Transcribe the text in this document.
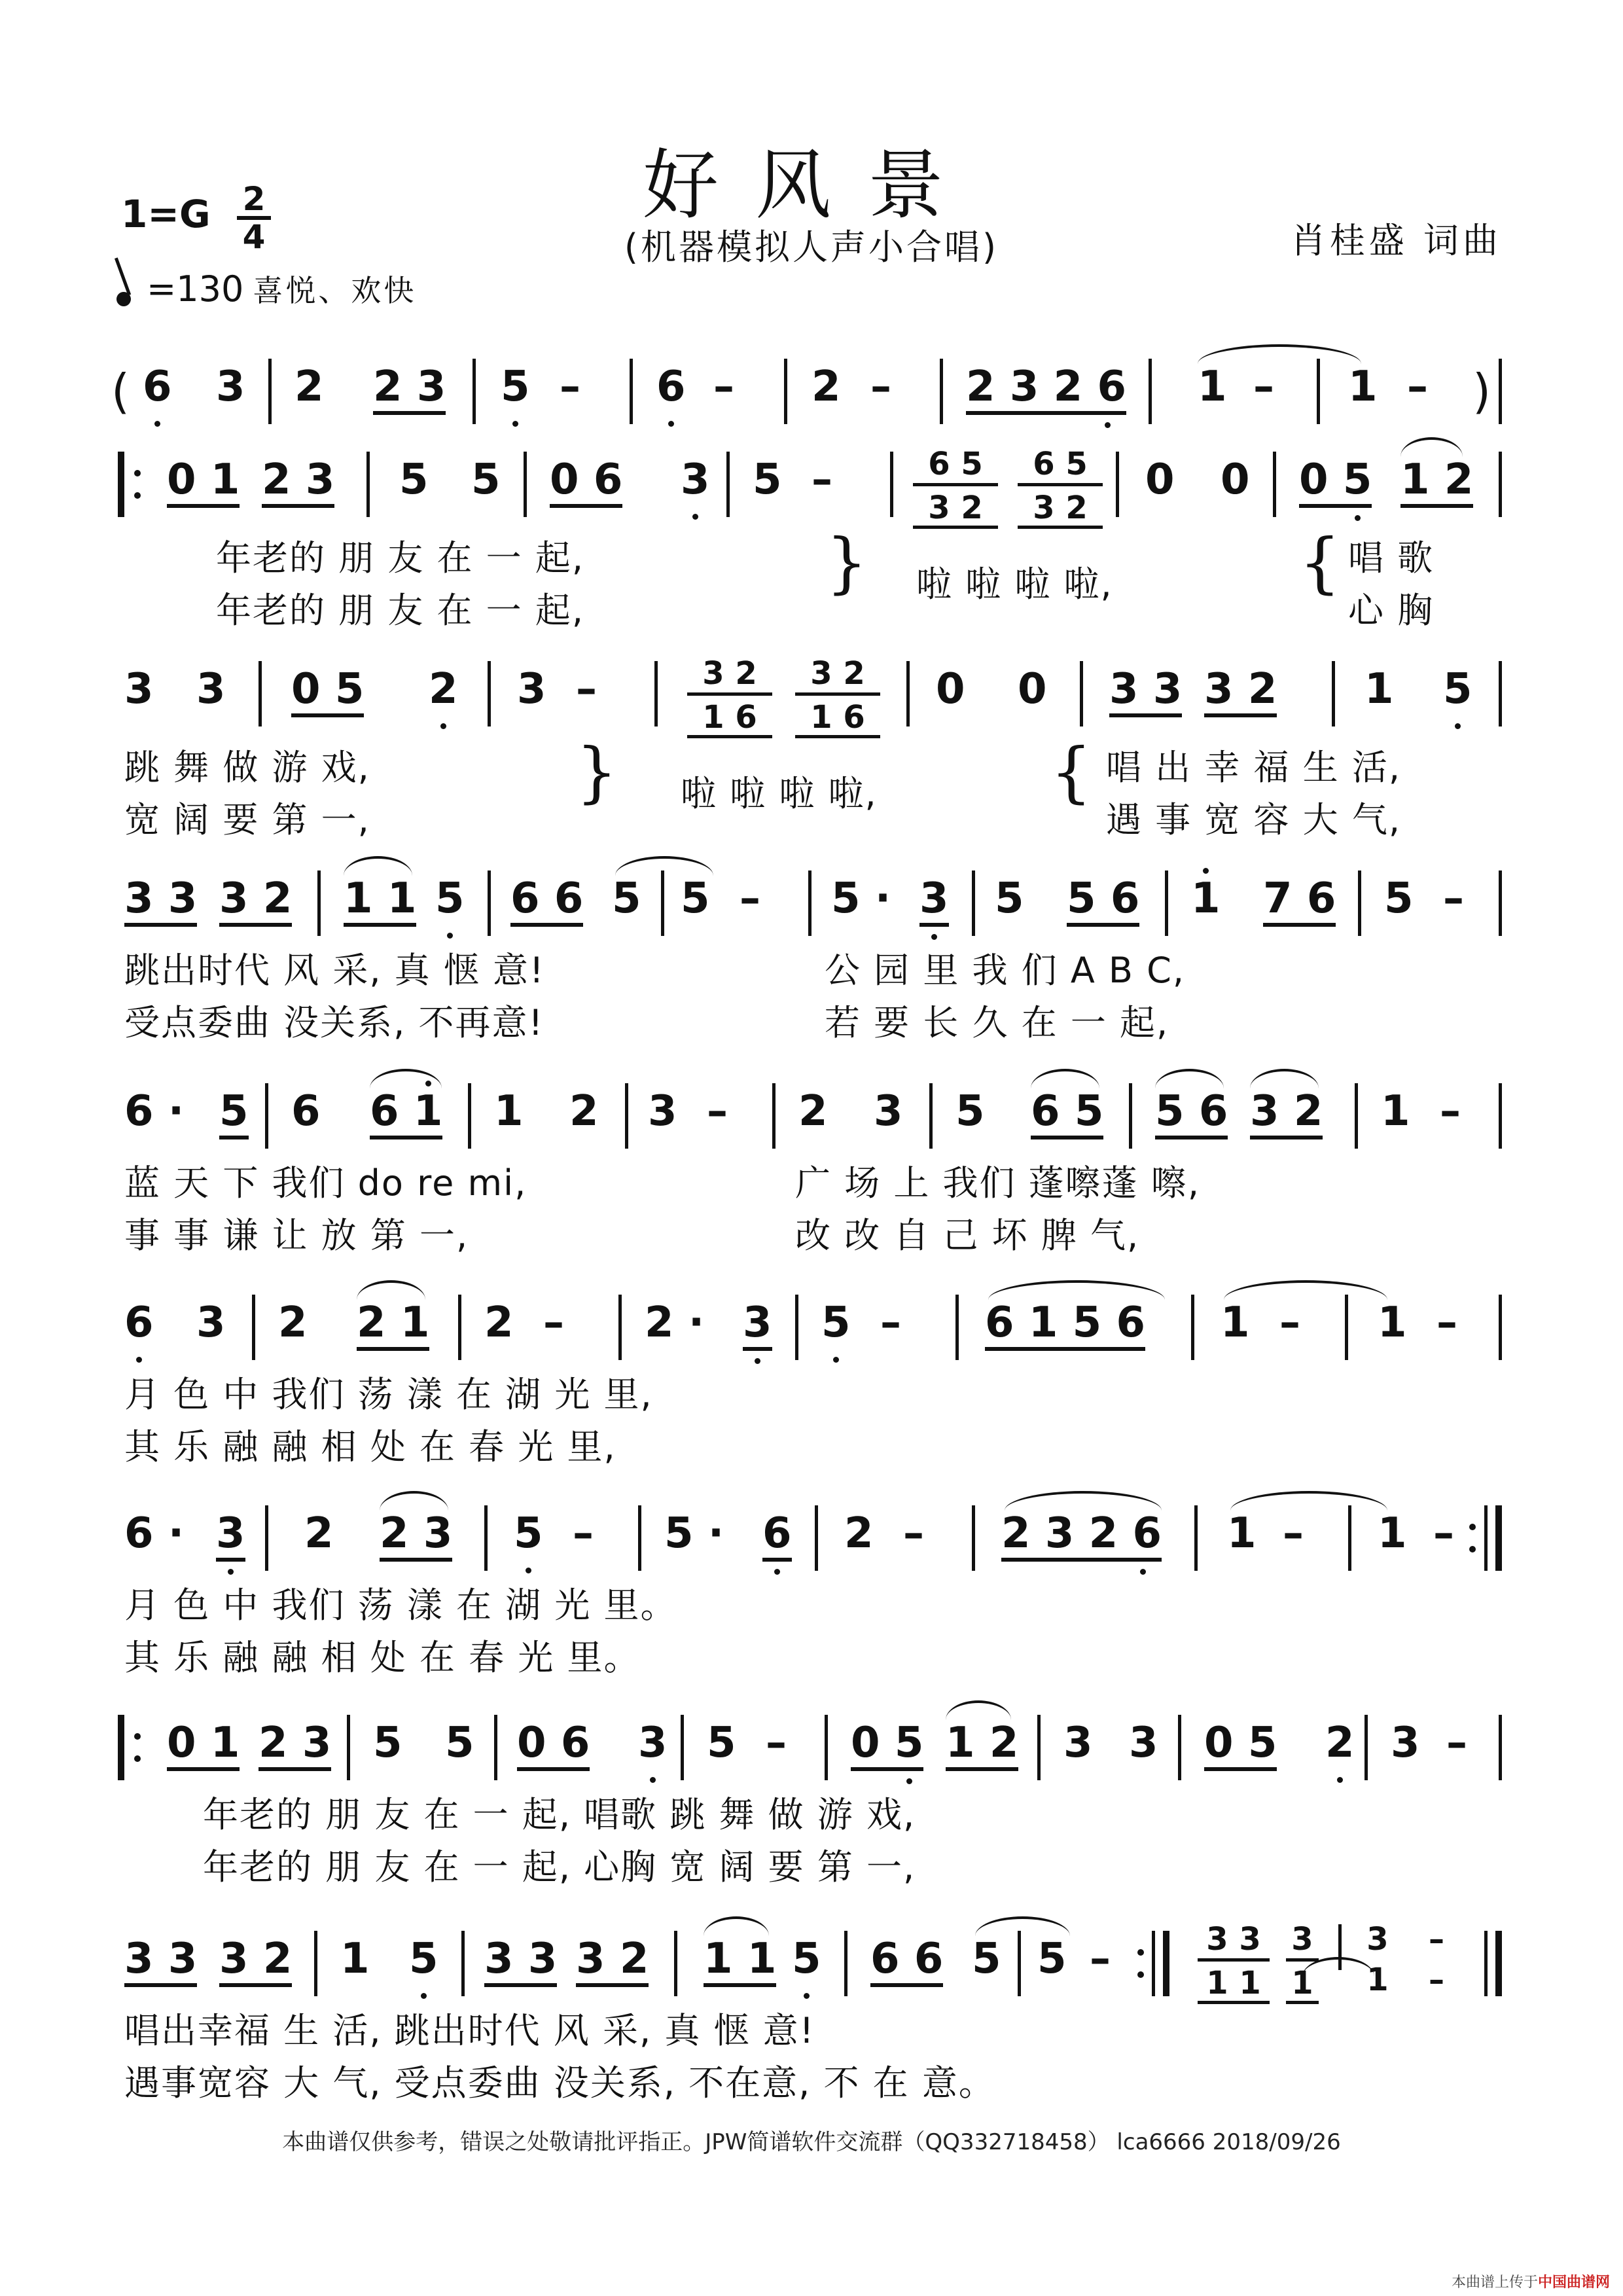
好风景
(机器模拟人声小合唱)	肖桂盛 词曲
$1=G \frac{2}{4}$
=130 喜悦、欢快
( 6 3 2 2 3 5 – 6 – 2 – 2 3 2 6 1 – 1 – )
0 1 2 3 5 5 0 6 3 5 –	6 5
3 2
6 5
3 2
0 0 0 5 1 2
年老的 朋 友 在 一 起,
年老的 朋 友 在 一 起,
} 啦 啦 啦 啦,	{ 唱 歌
心 胸
3 3 0 5 2 3 –	3 2
1 6
3 2
1 6
0 0 3 3 3 2 1 5
跳 舞 做 游 戏,
宽 阔 要 第 一,
} 啦 啦 啦 啦,	{ 唱 出 幸 福 生 活,
遇 事 宽 容 大 气,
3 3 3 2 1 1 5 6 6 5 5 – 5 · 3 5 5 6 1 7 6 5 –
跳出时代 风 采, 真 惬 意!
受点委曲 没关系, 不再意!
公 园 里 我 们 A B C,
若 要 长 久 在 一 起,
6 · 5 6 6 1 1 2 3 – 2 3 5 6 5 5 6 3 2 1 –
蓝 天 下 我们 do re mi,
事 事 谦 让 放 第 一,
广 场 上 我们 蓬嚓蓬 嚓,
改 改 自 己 坏 脾 气,
6 3 2 2 1 2 – 2 · 3 5 – 6 1 5 6 1 – 1 –
月 色 中 我们 荡 漾 在 湖 光 里,
其 乐 融 融 相 处 在 春 光 里,
6 · 3 2 2 3 5 – 5 · 6 2 – 2 3 2 6 1 – 1 –
月 色 中 我们 荡 漾 在 湖 光 里。
其 乐 融 融 相 处 在 春 光 里。
0 1 2 3 5 5 0 6 3 5 – 0 5 1 2 3 3 0 5 2 3 –
年老的 朋 友 在 一 起, 唱歌 跳 舞 做 游 戏,
年老的 朋 友 在 一 起, 心胸 宽 阔 要 第 一,
3 3 3 2 1 5 3 3 3 2 1 1 5 6 6 5 5 –	3 3
1 1
3
1
3
1
–
–
唱出幸福 生 活, 跳出时代 风 采, 真 惬 意!
遇事宽容 大 气, 受点委曲 没关系, 不在意, 不 在 意。
本曲谱仅供参考，错误之处敬请批评指正。JPW简谱软件交流群（QQ332718458） lca6666 2018/09/26
本曲谱上传于中国曲谱网
